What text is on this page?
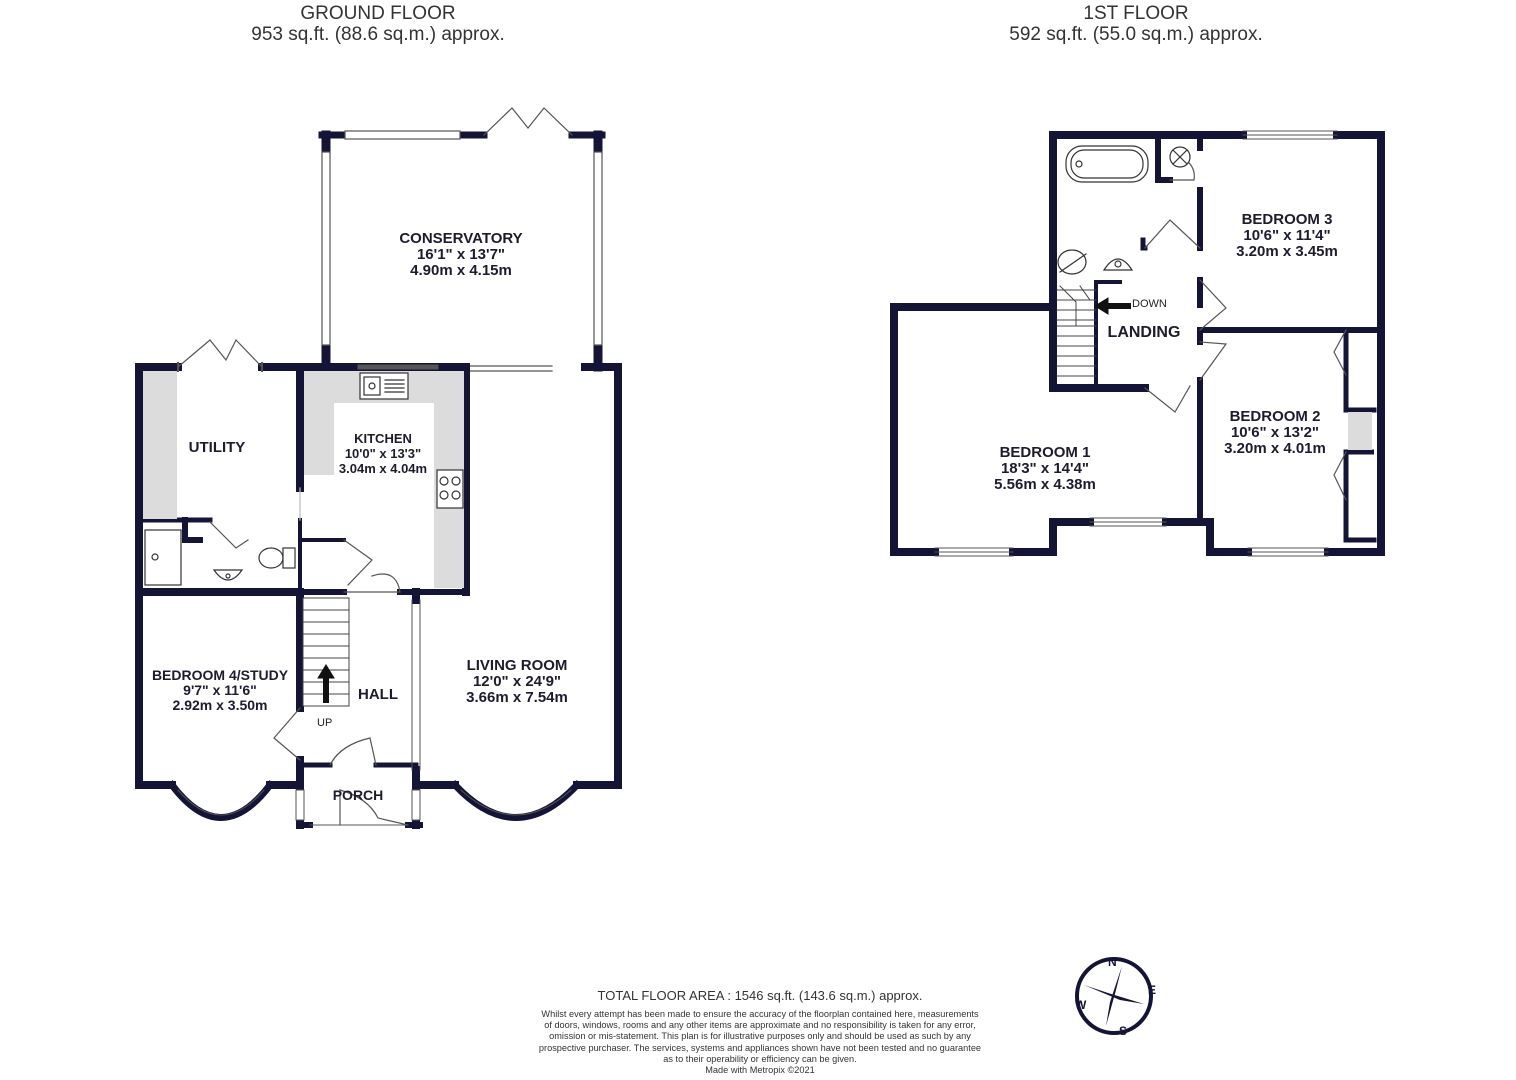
GROUND FLOOR
953 sq.ft. (88.6 sq.m.) approx.
1ST FLOOR
592 sq.ft. (55.0 sq.m.) approx.
N
E
S
W
CONSERVATORY
16'1" x 13'7"
4.90m x 4.15m
UTILITY
KITCHEN
10'0" x 13'3"
3.04m x 4.04m
LIVING ROOM
12'0" x 24'9"
3.66m x 7.54m
BEDROOM 4/STUDY
9'7" x 11'6"
2.92m x 3.50m
HALL
PORCH
UP
BEDROOM 3
10'6" x 11'4"
3.20m x 3.45m
LANDING
BEDROOM 2
10'6" x 13'2"
3.20m x 4.01m
BEDROOM 1
18'3" x 14'4"
5.56m x 4.38m
DOWN
TOTAL FLOOR AREA : 1546 sq.ft. (143.6 sq.m.) approx.
Whilst every attempt has been made to ensure the accuracy of the floorplan contained here, measurements
of doors, windows, rooms and any other items are approximate and no responsibility is taken for any error,
omission or mis-statement. This plan is for illustrative purposes only and should be used as such by any
prospective purchaser. The services, systems and appliances shown have not been tested and no guarantee
as to their operability or efficiency can be given.
Made with Metropix ©2021
